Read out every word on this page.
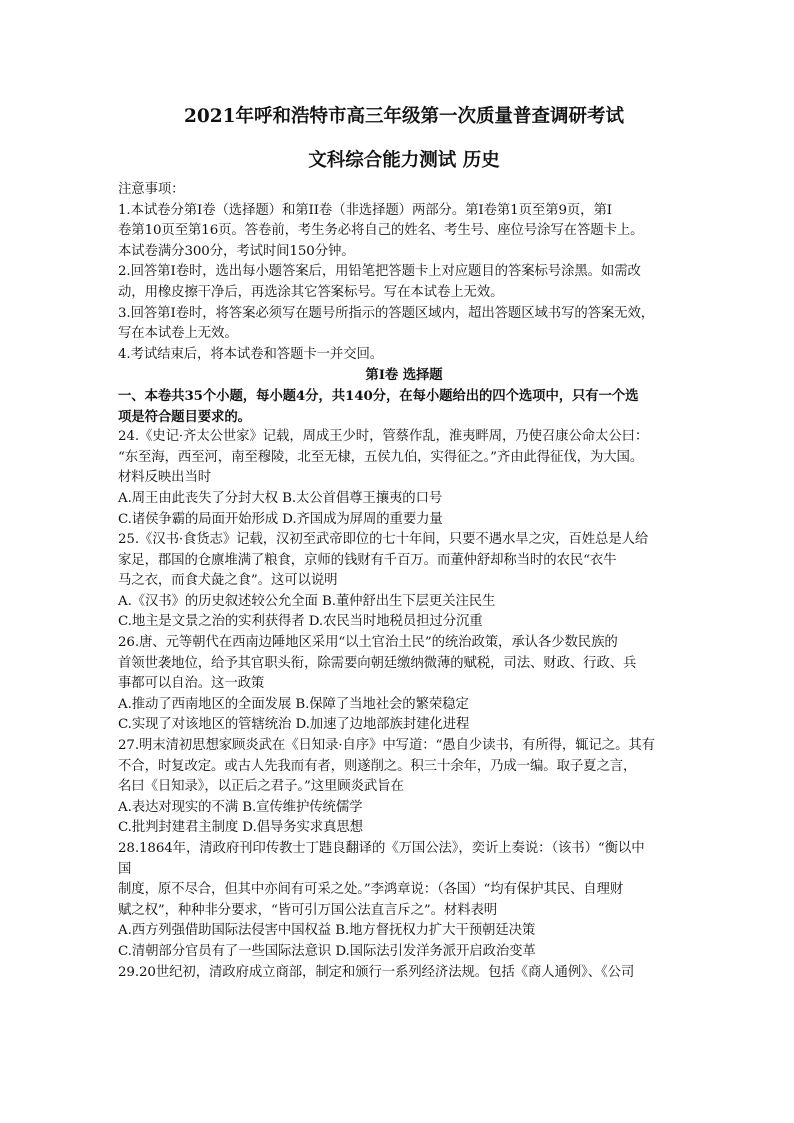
2021年呼和浩特市高三年级第一次质量普查调研考试
文科综合能力测试 历史

注意事项：

1.本试卷分第I卷（选择题）和第II卷（非选择题）两部分。第I卷第1页至第9页，第I

卷第10页至第16页。答卷前，考生务必将自己的姓名、考生号、座位号涂写在答题卡上。

本试卷满分300分，考试时间150分钟。

2.回答第I卷时，选出每小题答案后，用铅笔把答题卡上对应题目的答案标号涂黑。如需改

动，用橡皮擦干净后，再选涂其它答案标号。写在本试卷上无效。

3.回答第I卷时，将答案必须写在题号所指示的答题区域内，超出答题区域书写的答案无效，

写在本试卷上无效。

4.考试结束后，将本试卷和答题卡一并交回。

第I卷 选择题

一、本卷共35个小题，每小题4分，共140分，在每小题给出的四个选项中，只有一个选

项是符合题目要求的。

24.《史记·齐太公世家》记载，周成王少时，管蔡作乱，淮夷畔周，乃使召康公命太公曰：

“东至海，西至河，南至穆陵，北至无棣，五侯九伯，实得征之。”齐由此得征伐，为大国。

材料反映出当时

A.周王由此丧失了分封大权 B.太公首倡尊王攘夷的口号

C.诸侯争霸的局面开始形成 D.齐国成为屏周的重要力量

25.《汉书·食货志》记载，汉初至武帝即位的七十年间，只要不遇水旱之灾，百姓总是人给

家足，郡国的仓廪堆满了粮食，京师的钱财有千百万。而董仲舒却称当时的农民“衣牛

马之衣，而食犬彘之食”。这可以说明

A.《汉书》的历史叙述较公允全面 B.董仲舒出生下层更关注民生

C.地主是文景之治的实利获得者 D.农民当时地税员担过分沉重

26.唐、元等朝代在西南边陲地区采用“以土官治土民”的统治政策，承认各少数民族的

首领世袭地位，给予其官职头衔，除需要向朝廷缴纳微薄的赋税，司法、财政、行政、兵

事都可以自治。这一政策

A.推动了西南地区的全面发展 B.保障了当地社会的繁荣稳定

C.实现了对该地区的管辖统治 D.加速了边地部族封建化进程

27.明末清初思想家顾炎武在《日知录·自序》中写道：“愚自少读书，有所得，辄记之。其有

不合，时复改定。或古人先我而有者，则遂削之。积三十余年，乃成一编。取子夏之言，

名曰《日知录》，以正后之君子。”这里顾炎武旨在

A.表达对现实的不满 B.宣传维护传统儒学

C.批判封建君主制度 D.倡导务实求真思想

28.1864年，清政府刊印传教士丁韪良翻译的《万国公法》，奕䜣上奏说：（该书）“衡以中

国

制度，原不尽合，但其中亦间有可采之处。”李鸿章说：（各国）“均有保护其民、自理财

赋之权”，种种非分要求，“皆可引万国公法直言斥之”。材料表明

A.西方列强借助国际法侵害中国权益 B.地方督抚权力扩大干预朝廷决策

C.清朝部分官员有了一些国际法意识 D.国际法引发洋务派开启政治变革

29.20世纪初，清政府成立商部，制定和颁行一系列经济法规。包括《商人通例》、《公司
